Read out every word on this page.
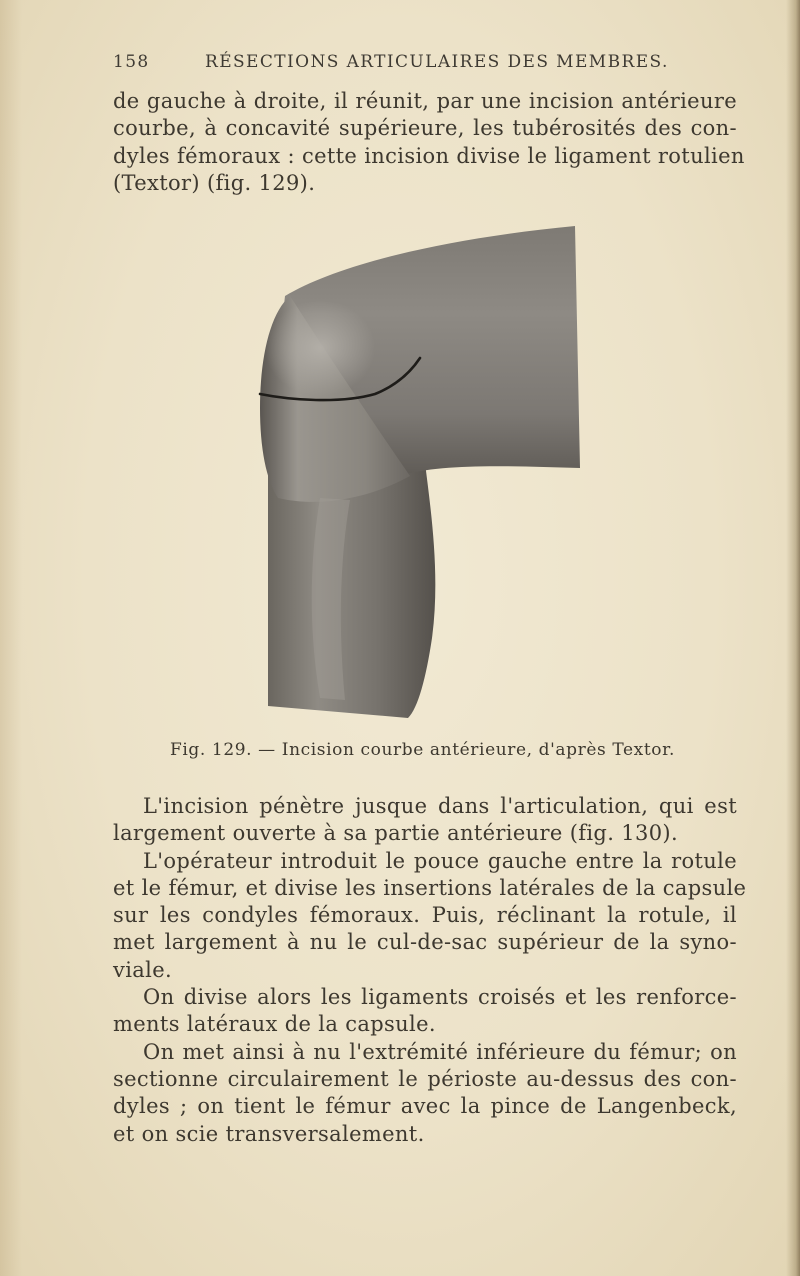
158	RÉSECTIONS ARTICULAIRES DES MEMBRES.
de gauche à droite, il réunit, par une incision antérieure
courbe, à concavité supérieure, les tubérosités des con-
dyles fémoraux : cette incision divise le ligament rotulien
(Textor) (fig. 129).
Fig. 129. — Incision courbe antérieure, d'après Textor.
L'incision pénètre jusque dans l'articulation, qui est
largement ouverte à sa partie antérieure (fig. 130).
L'opérateur introduit le pouce gauche entre la rotule
et le fémur, et divise les insertions latérales de la capsule
sur les condyles fémoraux. Puis, réclinant la rotule, il
met largement à nu le cul-de-sac supérieur de la syno-
viale.
On divise alors les ligaments croisés et les renforce-
ments latéraux de la capsule.
On met ainsi à nu l'extrémité inférieure du fémur; on
sectionne circulairement le périoste au-dessus des con-
dyles ; on tient le fémur avec la pince de Langenbeck,
et on scie transversalement.
